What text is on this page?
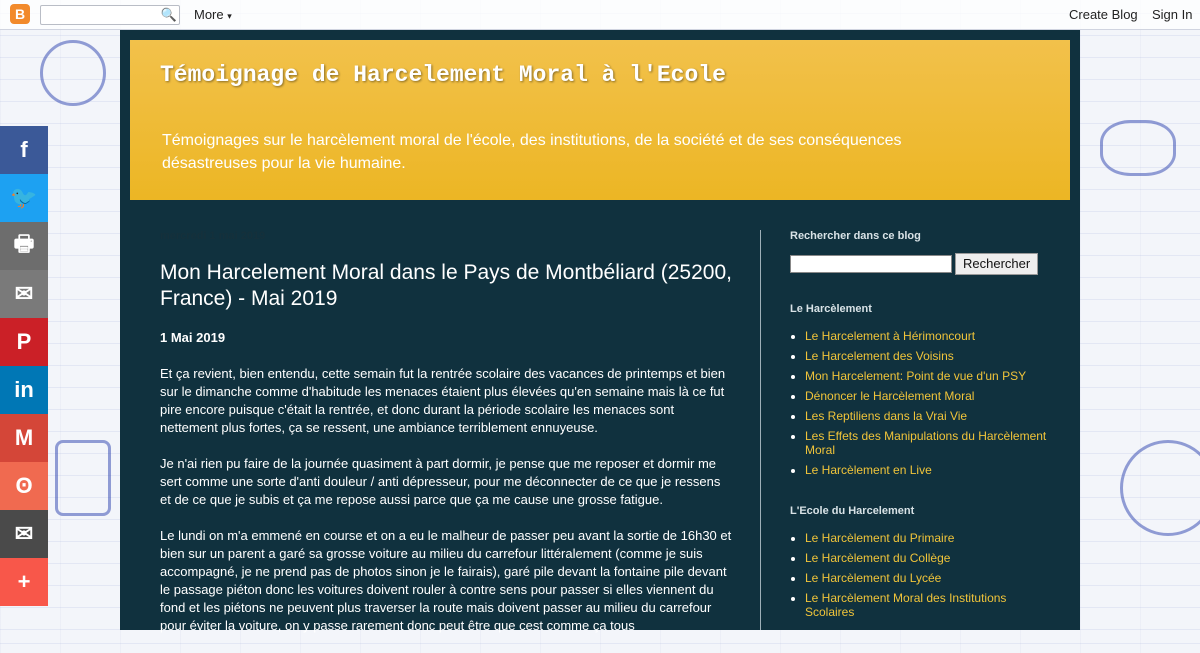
B	🔍 More ▾	Create Blog Sign In
f
🐦
🖶
✉
P
in
M
ʘ
✉
+
Témoignage de Harcelement Moral à l'Ecole
Témoignages sur le harcèlement moral de l'école, des institutions, de la société et de ses conséquences désastreuses pour la vie humaine.
mercredi 1 mai 2019
Mon Harcelement Moral dans le Pays de Montbéliard (25200, France) - Mai 2019

1 Mai 2019

Et ça revient, bien entendu, cette semain fut la rentrée scolaire des vacances de printemps et bien sur le dimanche comme d'habitude les menaces étaient plus élevées qu'en semaine mais là ce fut pire encore puisque c'était la rentrée, et donc durant la période scolaire les menaces sont nettement plus fortes, ça se ressent, une ambiance terriblement ennuyeuse.

Je n'ai rien pu faire de la journée quasiment à part dormir, je pense que me reposer et dormir me sert comme une sorte d'anti douleur / anti dépresseur, pour me déconnecter de ce que je ressens et de ce que je subis et ça me repose aussi parce que ça me cause une grosse fatigue.

Le lundi on m'a emmené en course et on a eu le malheur de passer peu avant la sortie de 16h30 et bien sur un parent a garé sa grosse voiture au milieu du carrefour littéralement (comme je suis accompagné, je ne prend pas de photos sinon je le fairais), garé pile devant la fontaine pile devant le passage piéton donc les voitures doivent rouler à contre sens pour passer si elles viennent du fond et les piétons ne peuvent plus traverser la route mais doivent passer au milieu du carrefour pour éviter la voiture, on y passe rarement donc peut être que cest comme ça tous

Rechercher dans ce blog
Rechercher
Le Harcèlement
• Le Harcelement à Hérimoncourt
• Le Harcelement des Voisins
• Mon Harcelement: Point de vue d'un PSY
• Dénoncer le Harcèlement Moral
• Les Reptiliens dans la Vrai Vie
• Les Effets des Manipulations du Harcèlement Moral
• Le Harcèlement en Live
L'Ecole du Harcelement
• Le Harcèlement du Primaire
• Le Harcèlement du Collège
• Le Harcèlement du Lycée
• Le Harcèlement Moral des Institutions Scolaires
